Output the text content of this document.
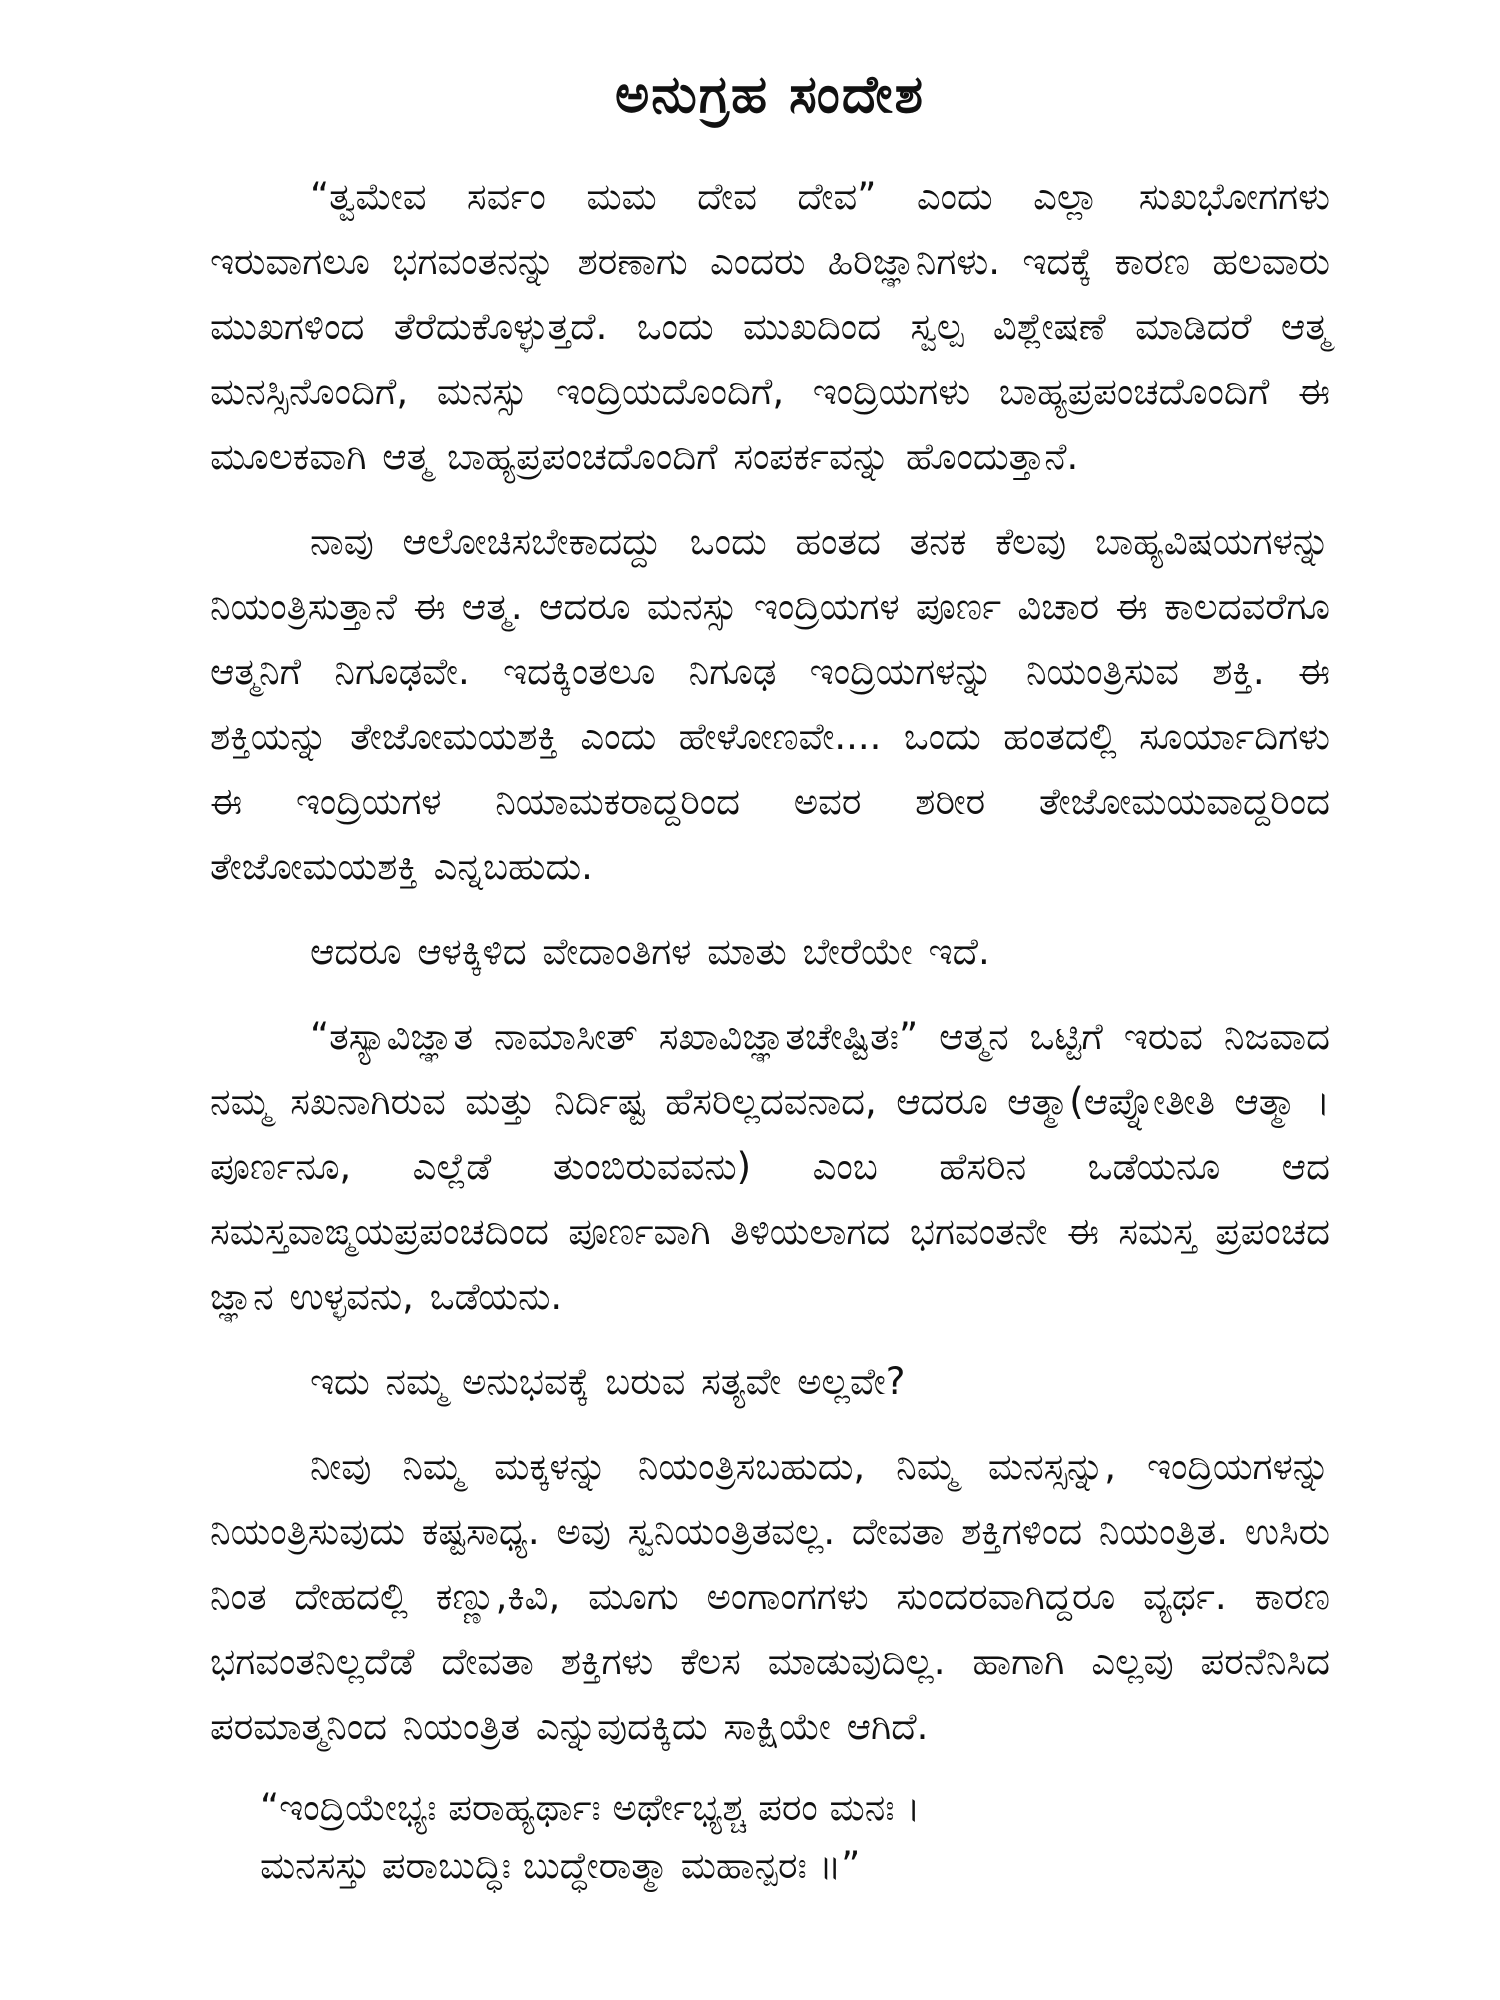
ಅನುಗ್ರಹ ಸಂದೇಶ

“ತ್ವಮೇವ ಸರ್ವಂ ಮಮ ದೇವ ದೇವ” ಎಂದು ಎಲ್ಲಾ ಸುಖಭೋಗಗಳು ಇರುವಾಗಲೂ ಭಗವಂತನನ್ನು ಶರಣಾಗು ಎಂದರು ಹಿರಿಜ್ಞಾನಿಗಳು. ಇದಕ್ಕೆ ಕಾರಣ ಹಲವಾರು ಮುಖಗಳಿಂದ ತೆರೆದುಕೊಳ್ಳುತ್ತದೆ. ಒಂದು ಮುಖದಿಂದ ಸ್ವಲ್ಪ ವಿಶ್ಲೇಷಣೆ ಮಾಡಿದರೆ ಆತ್ಮ ಮನಸ್ಸಿನೊಂದಿಗೆ, ಮನಸ್ಸು ಇಂದ್ರಿಯದೊಂದಿಗೆ, ಇಂದ್ರಿಯಗಳು ಬಾಹ್ಯಪ್ರಪಂಚದೊಂದಿಗೆ ಈ ಮೂಲಕವಾಗಿ ಆತ್ಮ ಬಾಹ್ಯಪ್ರಪಂಚದೊಂದಿಗೆ ಸಂಪರ್ಕವನ್ನು ಹೊಂದುತ್ತಾನೆ.

ನಾವು ಆಲೋಚಿಸಬೇಕಾದದ್ದು ಒಂದು ಹಂತದ ತನಕ ಕೆಲವು ಬಾಹ್ಯವಿಷಯಗಳನ್ನು ನಿಯಂತ್ರಿಸುತ್ತಾನೆ ಈ ಆತ್ಮ. ಆದರೂ ಮನಸ್ಸು ಇಂದ್ರಿಯಗಳ ಪೂರ್ಣ ವಿಚಾರ ಈ ಕಾಲದವರೆಗೂ ಆತ್ಮನಿಗೆ ನಿಗೂಢವೇ. ಇದಕ್ಕಿಂತಲೂ ನಿಗೂಢ ಇಂದ್ರಿಯಗಳನ್ನು ನಿಯಂತ್ರಿಸುವ ಶಕ್ತಿ. ಈ ಶಕ್ತಿಯನ್ನು ತೇಜೋಮಯಶಕ್ತಿ ಎಂದು ಹೇಳೋಣವೇ.... ಒಂದು ಹಂತದಲ್ಲಿ ಸೂರ್ಯಾದಿಗಳು ಈ ಇಂದ್ರಿಯಗಳ ನಿಯಾಮಕರಾದ್ದರಿಂದ ಅವರ ಶರೀರ ತೇಜೋಮಯವಾದ್ದರಿಂದ ತೇಜೋಮಯಶಕ್ತಿ ಎನ್ನಬಹುದು.

ಆದರೂ ಆಳಕ್ಕಿಳಿದ ವೇದಾಂತಿಗಳ ಮಾತು ಬೇರೆಯೇ ಇದೆ.

“ತಸ್ಯಾವಿಜ್ಞಾತ ನಾಮಾಸೀತ್ ಸಖಾವಿಜ್ಞಾತಚೇಷ್ಟಿತಃ” ಆತ್ಮನ ಒಟ್ಟಿಗೆ ಇರುವ ನಿಜವಾದ ನಮ್ಮ ಸಖನಾಗಿರುವ ಮತ್ತು ನಿರ್ದಿಷ್ಟ ಹೆಸರಿಲ್ಲದವನಾದ, ಆದರೂ ಆತ್ಮಾ(ಆಪ್ನೋತೀತಿ ಆತ್ಮಾ । ಪೂರ್ಣನೂ, ಎಲ್ಲೆಡೆ ತುಂಬಿರುವವನು) ಎಂಬ ಹೆಸರಿನ ಒಡೆಯನೂ ಆದ ಸಮಸ್ತವಾಙ್ಮಯಪ್ರಪಂಚದಿಂದ ಪೂರ್ಣವಾಗಿ ತಿಳಿಯಲಾಗದ ಭಗವಂತನೇ ಈ ಸಮಸ್ತ ಪ್ರಪಂಚದ ಜ್ಞಾನ ಉಳ್ಳವನು, ಒಡೆಯನು.

ಇದು ನಮ್ಮ ಅನುಭವಕ್ಕೆ ಬರುವ ಸತ್ಯವೇ ಅಲ್ಲವೇ?

ನೀವು ನಿಮ್ಮ ಮಕ್ಕಳನ್ನು ನಿಯಂತ್ರಿಸಬಹುದು, ನಿಮ್ಮ ಮನಸ್ಸನ್ನು, ಇಂದ್ರಿಯಗಳನ್ನು ನಿಯಂತ್ರಿಸುವುದು ಕಷ್ಟಸಾಧ್ಯ. ಅವು ಸ್ವನಿಯಂತ್ರಿತವಲ್ಲ. ದೇವತಾ ಶಕ್ತಿಗಳಿಂದ ನಿಯಂತ್ರಿತ. ಉಸಿರು ನಿಂತ ದೇಹದಲ್ಲಿ ಕಣ್ಣು,ಕಿವಿ, ಮೂಗು ಅಂಗಾಂಗಗಳು ಸುಂದರವಾಗಿದ್ದರೂ ವ್ಯರ್ಥ. ಕಾರಣ ಭಗವಂತನಿಲ್ಲದೆಡೆ ದೇವತಾ ಶಕ್ತಿಗಳು ಕೆಲಸ ಮಾಡುವುದಿಲ್ಲ. ಹಾಗಾಗಿ ಎಲ್ಲವು ಪರನೆನಿಸಿದ ಪರಮಾತ್ಮನಿಂದ ನಿಯಂತ್ರಿತ ಎನ್ನುವುದಕ್ಕಿದು ಸಾಕ್ಷಿಯೇ ಆಗಿದೆ.

“ಇಂದ್ರಿಯೇಭ್ಯಃ ಪರಾಹ್ಯರ್ಥಾಃ ಅರ್ಥೇಭ್ಯಶ್ಚ ಪರಂ ಮನಃ ।
ಮನಸಸ್ತು ಪರಾಬುದ್ಧಿಃ ಬುದ್ಧೇರಾತ್ಮಾ ಮಹಾನ್ಪರಃ ॥”
